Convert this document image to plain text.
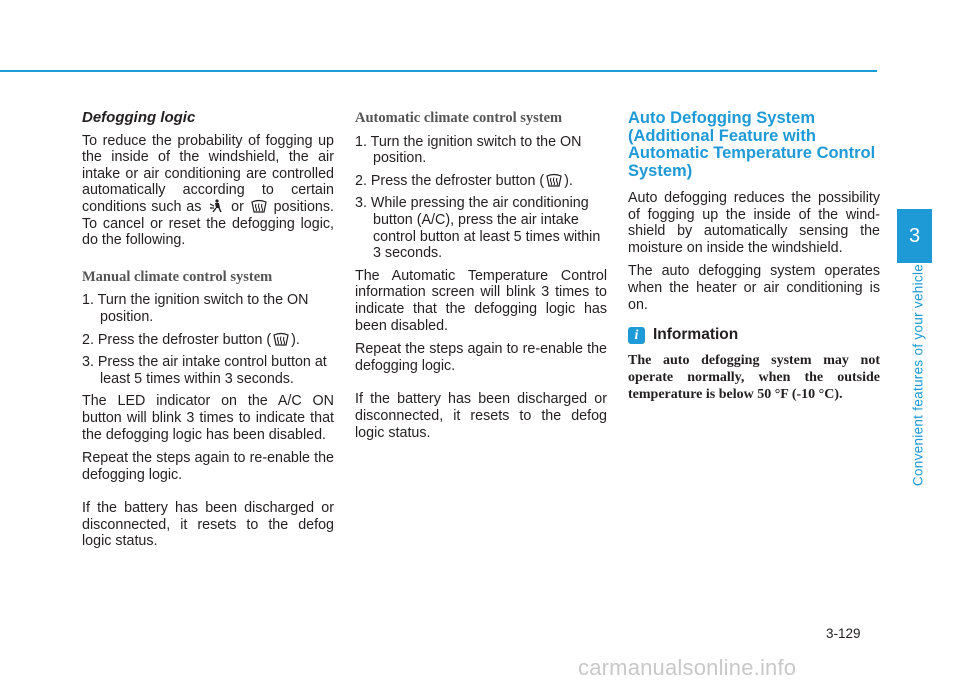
Defogging logic

To reduce the probability of fogging up the inside of the windshield, the air intake or air conditioning are controlled automatically according to certain conditions such as or positions. To cancel or reset the defogging logic, do the following.

Manual climate control system

1. Turn the ignition switch to the ON position.

2. Press the defroster button ( ).

3. Press the air intake control button at least 5 times within 3 seconds.

The LED indicator on the A/C ON button will blink 3 times to indicate that the defogging logic has been disabled.

Repeat the steps again to re-enable the defogging logic.

If the battery has been discharged or disconnected, it resets to the defog logic status.

Automatic climate control system

1. Turn the ignition switch to the ON position.

2. Press the defroster button ( ).

3. While pressing the air conditioning button (A/C), press the air intake control button at least 5 times within 3 seconds.

The Automatic Temperature Control information screen will blink 3 times to indicate that the defogging logic has been disabled.

Repeat the steps again to re-enable the defogging logic.

If the battery has been discharged or disconnected, it resets to the defog logic status.

Auto Defogging System (Additional Feature with Automatic Temperature Control System)

Auto defogging reduces the possibility of fogging up the inside of the windshield by automatically sensing the moisture on inside the windshield.

The auto defogging system operates when the heater or air conditioning is on.

i Information
The auto defogging system may not operate normally, when the outside temperature is below 50 °F (-10 °C).
3
Convenient features of your vehicle
3-129
carmanualsonline.info
